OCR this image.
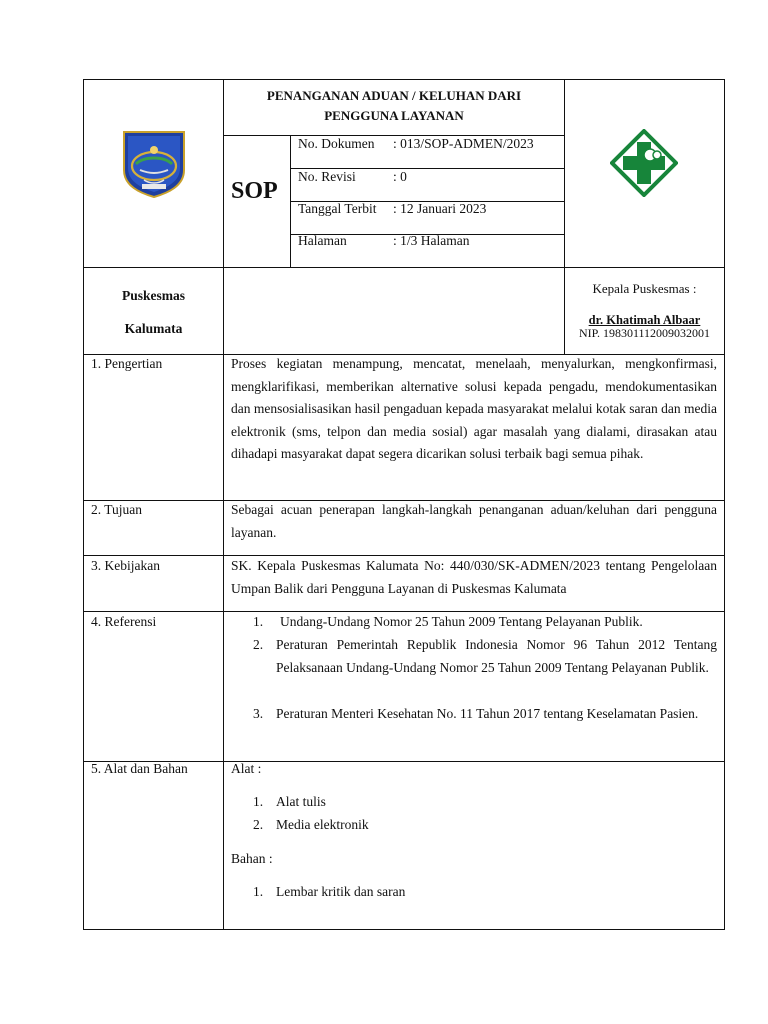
PENANGANAN ADUAN / KELUHAN DARI
PENGGUNA LAYANAN
SOP
No. Dokumen : 013/SOP-ADMEN/2023
No. Revisi	: 0
Tanggal Terbit : 12 Januari 2023
Halaman	: 1/3 Halaman
Puskesmas
Kalumata
Kepala Puskesmas :
dr. Khatimah Albaar
NIP. 198301112009032001
1. Pengertian	Proses kegiatan menampung, mencatat, menelaah, menyalurkan, mengkonfirmasi, mengklarifikasi, memberikan alternative solusi kepada pengadu, mendokumentasikan dan mensosialisasikan hasil pengaduan kepada masyarakat melalui kotak saran dan media elektronik (sms, telpon dan media sosial) agar masalah yang dialami, dirasakan atau dihadapi masyarakat dapat segera dicarikan solusi terbaik bagi semua pihak.
2. Tujuan	Sebagai acuan penerapan langkah-langkah penanganan aduan/keluhan dari pengguna layanan.
3. Kebijakan	SK. Kepala Puskesmas Kalumata No: 440/030/SK-ADMEN/2023 tentang Pengelolaan Umpan Balik dari Pengguna Layanan di Puskesmas Kalumata
4. Referensi	1. Undang-Undang Nomor 25 Tahun 2009 Tentang Pelayanan Publik.
2. Peraturan Pemerintah Republik Indonesia Nomor 96 Tahun 2012 Tentang Pelaksanaan Undang-Undang Nomor 25 Tahun 2009 Tentang Pelayanan Publik.
3. Peraturan Menteri Kesehatan No. 11 Tahun 2017 tentang Keselamatan Pasien.
5. Alat dan Bahan	Alat :
1. Alat tulis
2. Media elektronik
Bahan :
1. Lembar kritik dan saran
